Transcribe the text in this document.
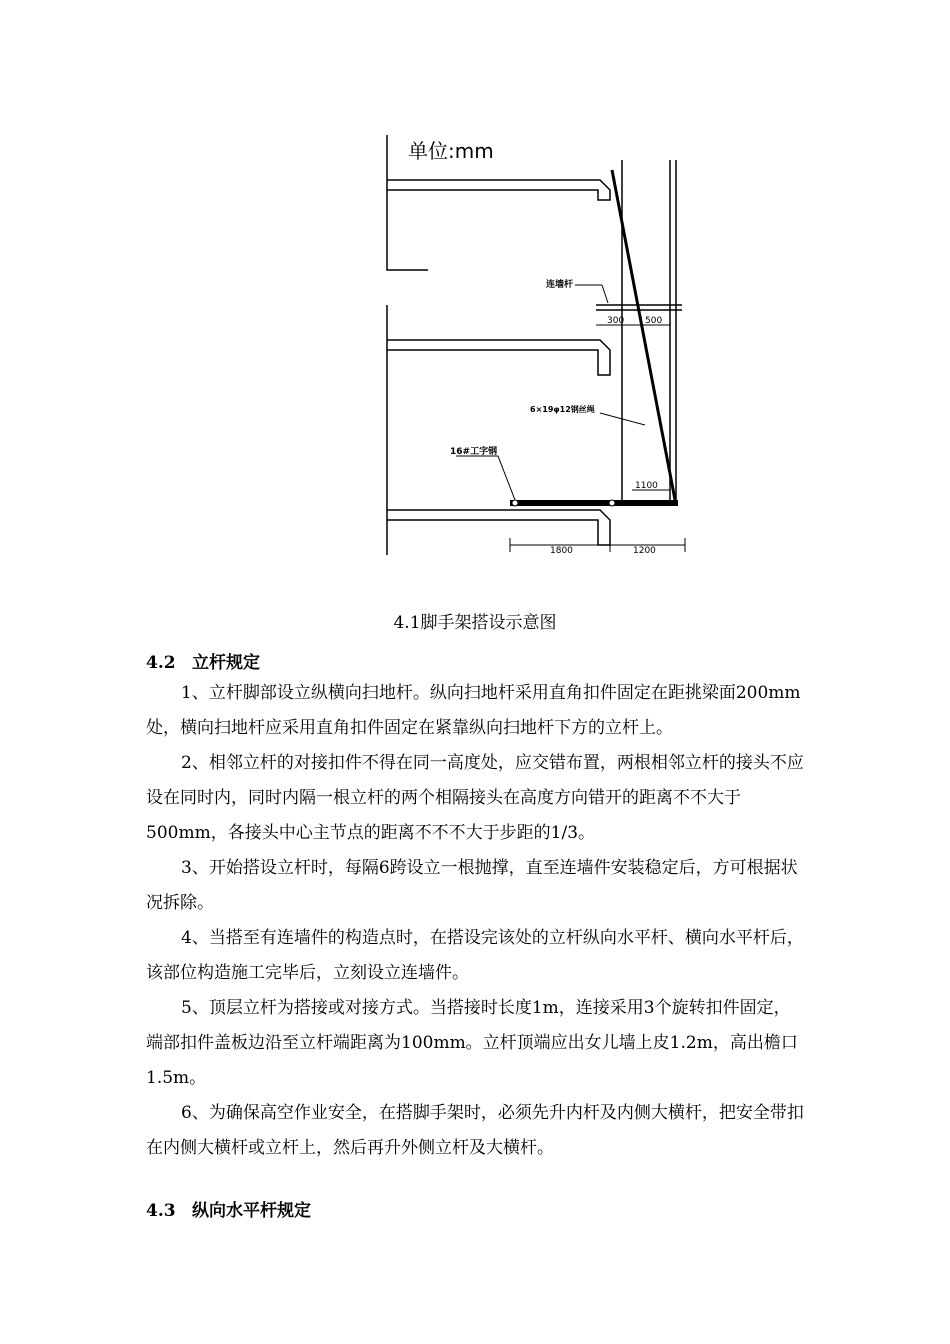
单位:mm
连墙杆
300 500
6×19φ12钢丝绳
16#工字钢
1100
1800	1200
4.1脚手架搭设示意图
4.2 立杆规定

1、立杆脚部设立纵横向扫地杆。纵向扫地杆采用直角扣件固定在距挑梁面200mm处，横向扫地杆应采用直角扣件固定在紧靠纵向扫地杆下方的立杆上。

2、相邻立杆的对接扣件不得在同一高度处，应交错布置，两根相邻立杆的接头不应设在同时内，同时内隔一根立杆的两个相隔接头在高度方向错开的距离不不大于500mm，各接头中心主节点的距离不不不大于步距的1/3。

3、开始搭设立杆时，每隔6跨设立一根抛撑，直至连墙件安装稳定后，方可根据状况拆除。

4、当搭至有连墙件的构造点时，在搭设完该处的立杆纵向水平杆、横向水平杆后，该部位构造施工完毕后，立刻设立连墙件。

5、顶层立杆为搭接或对接方式。当搭接时长度1m，连接采用3个旋转扣件固定，端部扣件盖板边沿至立杆端距离为100mm。立杆顶端应出女儿墙上皮1.2m，高出檐口1.5m。

6、为确保高空作业安全，在搭脚手架时，必须先升内杆及内侧大横杆，把安全带扣在内侧大横杆或立杆上，然后再升外侧立杆及大横杆。

4.3 纵向水平杆规定
